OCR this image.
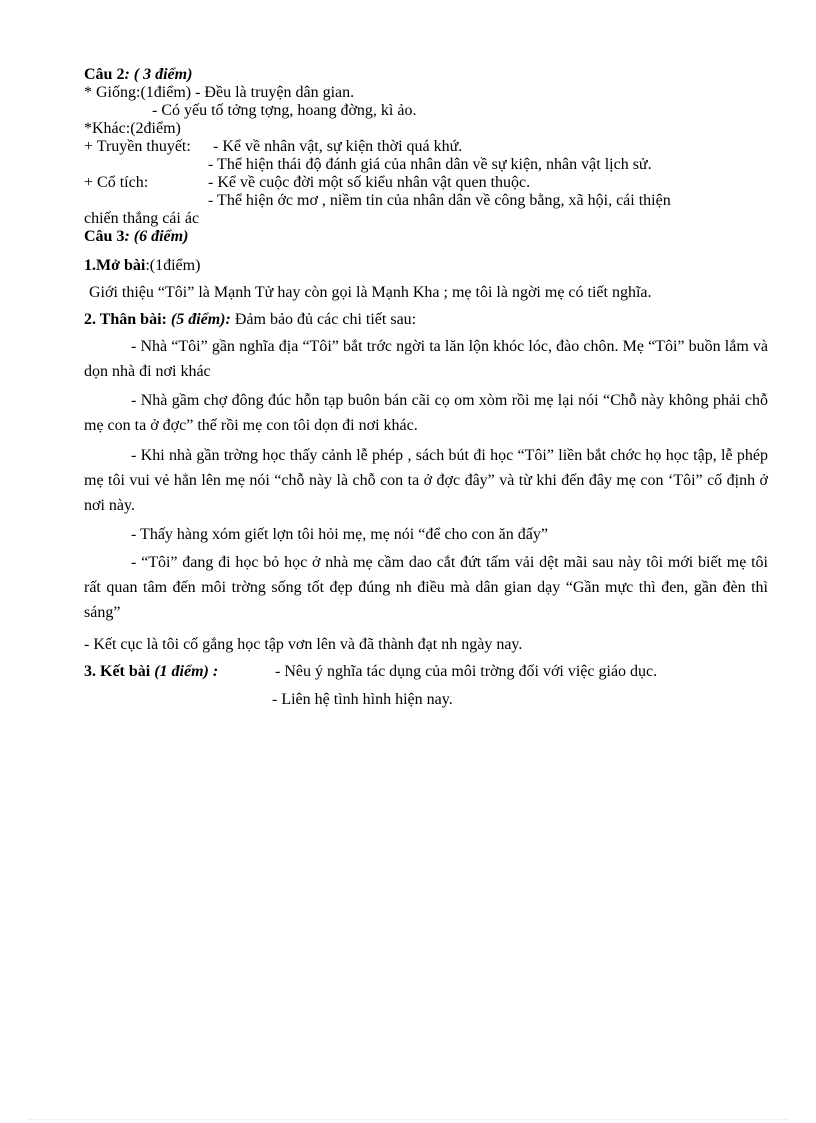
Câu 2: ( 3 điểm)
* Giống:(1điểm) - Đều là truyện dân gian.
- Có yếu tố tởng tợng, hoang đờng, kì ảo.
*Khác:(2điểm)
+ Truyền thuyết: - Kể về nhân vật, sự kiện thời quá khứ.
- Thể hiện thái độ đánh giá của nhân dân về sự kiện, nhân vật lịch sử.
+ Cổ tích:	- Kể về cuộc đời một số kiểu nhân vật quen thuộc.
- Thể hiện ớc mơ , niềm tin của nhân dân về công bằng, xã hội, cái thiện
chiến thắng cái ác
Câu 3: (6 điểm)
1.Mở bài:(1điểm)
Giới thiệu “Tôi” là Mạnh Tử hay còn gọi là Mạnh Kha ; mẹ tôi là ngời mẹ có tiết nghĩa.
2. Thân bài: (5 điểm): Đảm bảo đủ các chi tiết sau:
- Nhà “Tôi” gần nghĩa địa “Tôi” bắt trớc ngời ta lăn lộn khóc lóc, đào chôn. Mẹ “Tôi” buồn lắm và dọn nhà đi nơi khác
- Nhà gầm chợ đông đúc hỗn tạp buôn bán cãi cọ om xòm rồi mẹ lại nói “Chỗ này không phải chỗ mẹ con ta ở đợc” thế rồi mẹ con tôi dọn đi nơi khác.
- Khi nhà gần trờng học thấy cảnh lễ phép , sách bút đi học “Tôi” liền bắt chớc họ học tập, lễ phép mẹ tôi vui vẻ hẳn lên mẹ nói “chỗ này là chỗ con ta ở đợc đây” và từ khi đến đây mẹ con ‘Tôi” cố định ở nơi này.
- Thấy hàng xóm giết lợn tôi hỏi mẹ, mẹ nói “để cho con ăn đấy”
- “Tôi” đang đi học bỏ học ở nhà mẹ cầm dao cắt đứt tấm vải dệt mãi sau này tôi mới biết mẹ tôi rất quan tâm đến môi trờng sống tốt đẹp đúng nh điều mà dân gian dạy “Gần mực thì đen, gần đèn thì sáng”
- Kết cục là tôi cố gắng học tập vơn lên và đã thành đạt nh ngày nay.
3. Kết bài (1 điểm) :	- Nêu ý nghĩa tác dụng của môi trờng đối với việc giáo dục.
- Liên hệ tình hình hiện nay.
